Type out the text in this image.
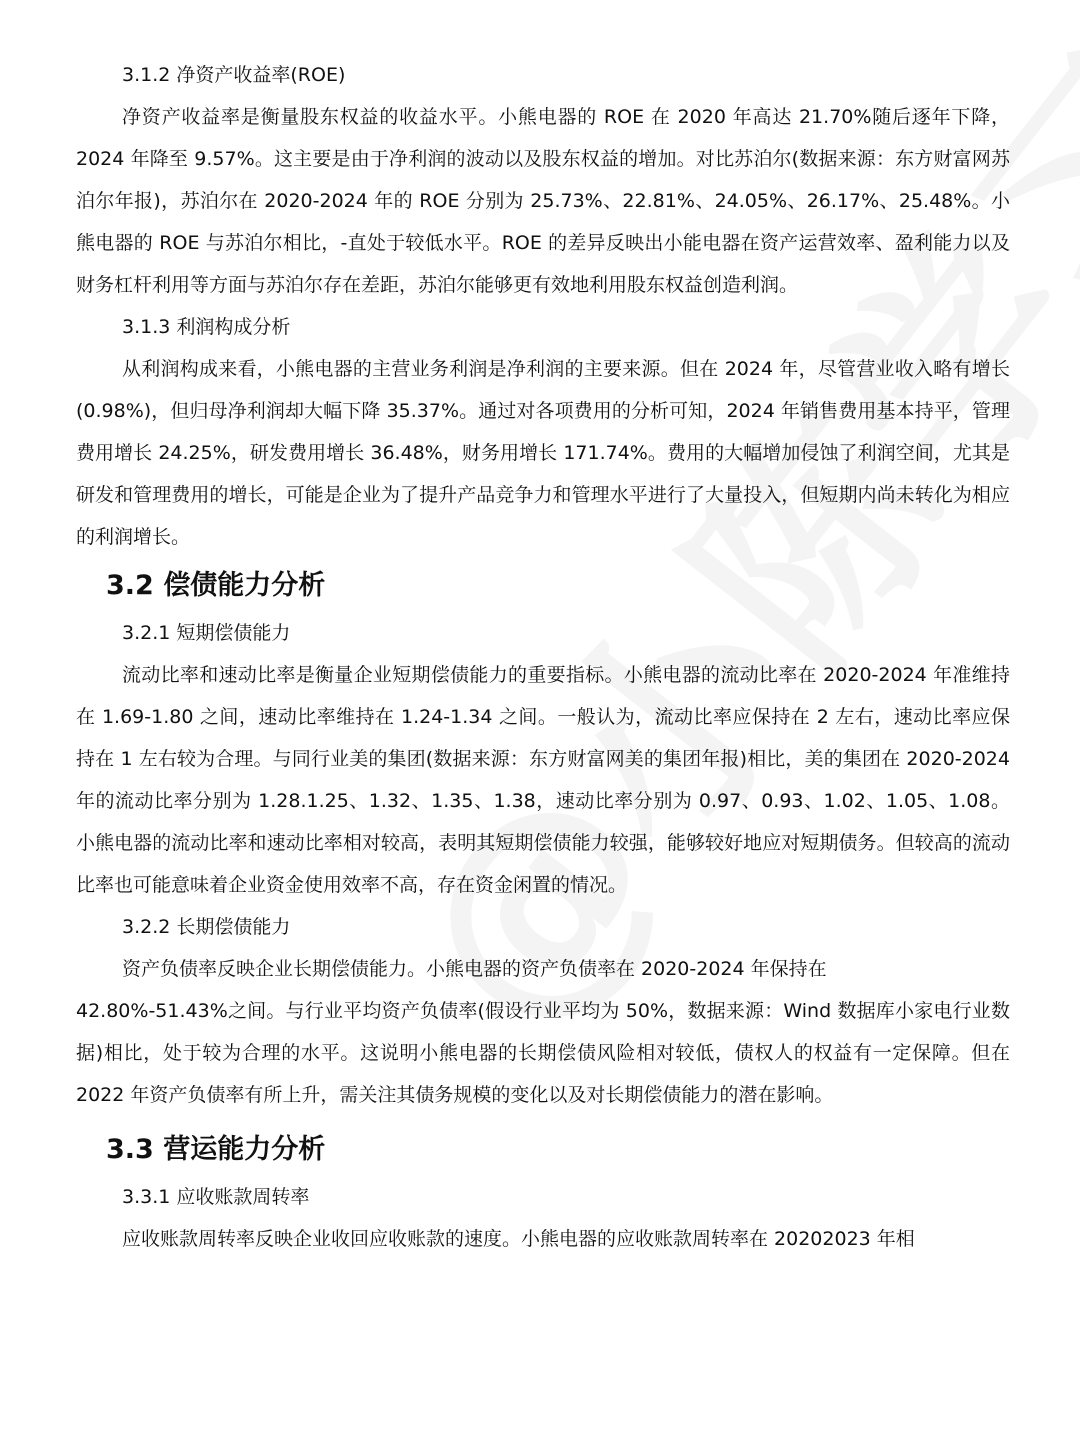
3.1.2 净资产收益率(ROE)

净资产收益率是衡量股东权益的收益水平。小熊电器的 ROE 在 2020 年高达 21.70%随后逐年下降，2024 年降至 9.57%。这主要是由于净利润的波动以及股东权益的增加。对比苏泊尔(数据来源：东方财富网苏泊尔年报)，苏泊尔在 2020-2024 年的 ROE 分别为 25.73%、22.81%、24.05%、26.17%、25.48%。小熊电器的 ROE 与苏泊尔相比，-直处于较低水平。ROE 的差异反映出小能电器在资产运营效率、盈利能力以及财务杠杆利用等方面与苏泊尔存在差距，苏泊尔能够更有效地利用股东权益创造利润。

3.1.3 利润构成分析

从利润构成来看，小熊电器的主营业务利润是净利润的主要来源。但在 2024 年，尽管营业收入略有增长(0.98%)，但归母净利润却大幅下降 35.37%。通过对各项费用的分析可知，2024 年销售费用基本持平，管理费用增长 24.25%，研发费用增长 36.48%，财务用增长 171.74%。费用的大幅增加侵蚀了利润空间，尤其是研发和管理费用的增长，可能是企业为了提升产品竞争力和管理水平进行了大量投入，但短期内尚未转化为相应的利润增长。

3.2 偿债能力分析

3.2.1 短期偿债能力

流动比率和速动比率是衡量企业短期偿债能力的重要指标。小熊电器的流动比率在 2020-2024 年准维持在 1.69-1.80 之间，速动比率维持在 1.24-1.34 之间。一般认为，流动比率应保持在 2 左右，速动比率应保持在 1 左右较为合理。与同行业美的集团(数据来源：东方财富网美的集团年报)相比，美的集团在 2020-2024 年的流动比率分别为 1.28.1.25、1.32、1.35、1.38，速动比率分别为 0.97、0.93、1.02、1.05、1.08。小熊电器的流动比率和速动比率相对较高，表明其短期偿债能力较强，能够较好地应对短期债务。但较高的流动比率也可能意味着企业资金使用效率不高，存在资金闲置的情况。

3.2.2 长期偿债能力

资产负债率反映企业长期偿债能力。小熊电器的资产负债率在 2020-2024 年保持在

42.80%-51.43%之间。与行业平均资产负债率(假设行业平均为 50%，数据来源：Wind 数据库小家电行业数据)相比，处于较为合理的水平。这说明小熊电器的长期偿债风险相对较低，债权人的权益有一定保障。但在 2022 年资产负债率有所上升，需关注其债务规模的变化以及对长期偿债能力的潜在影响。

3.3 营运能力分析

3.3.1 应收账款周转率

应收账款周转率反映企业收回应收账款的速度。小熊电器的应收账款周转率在 20202023 年相
